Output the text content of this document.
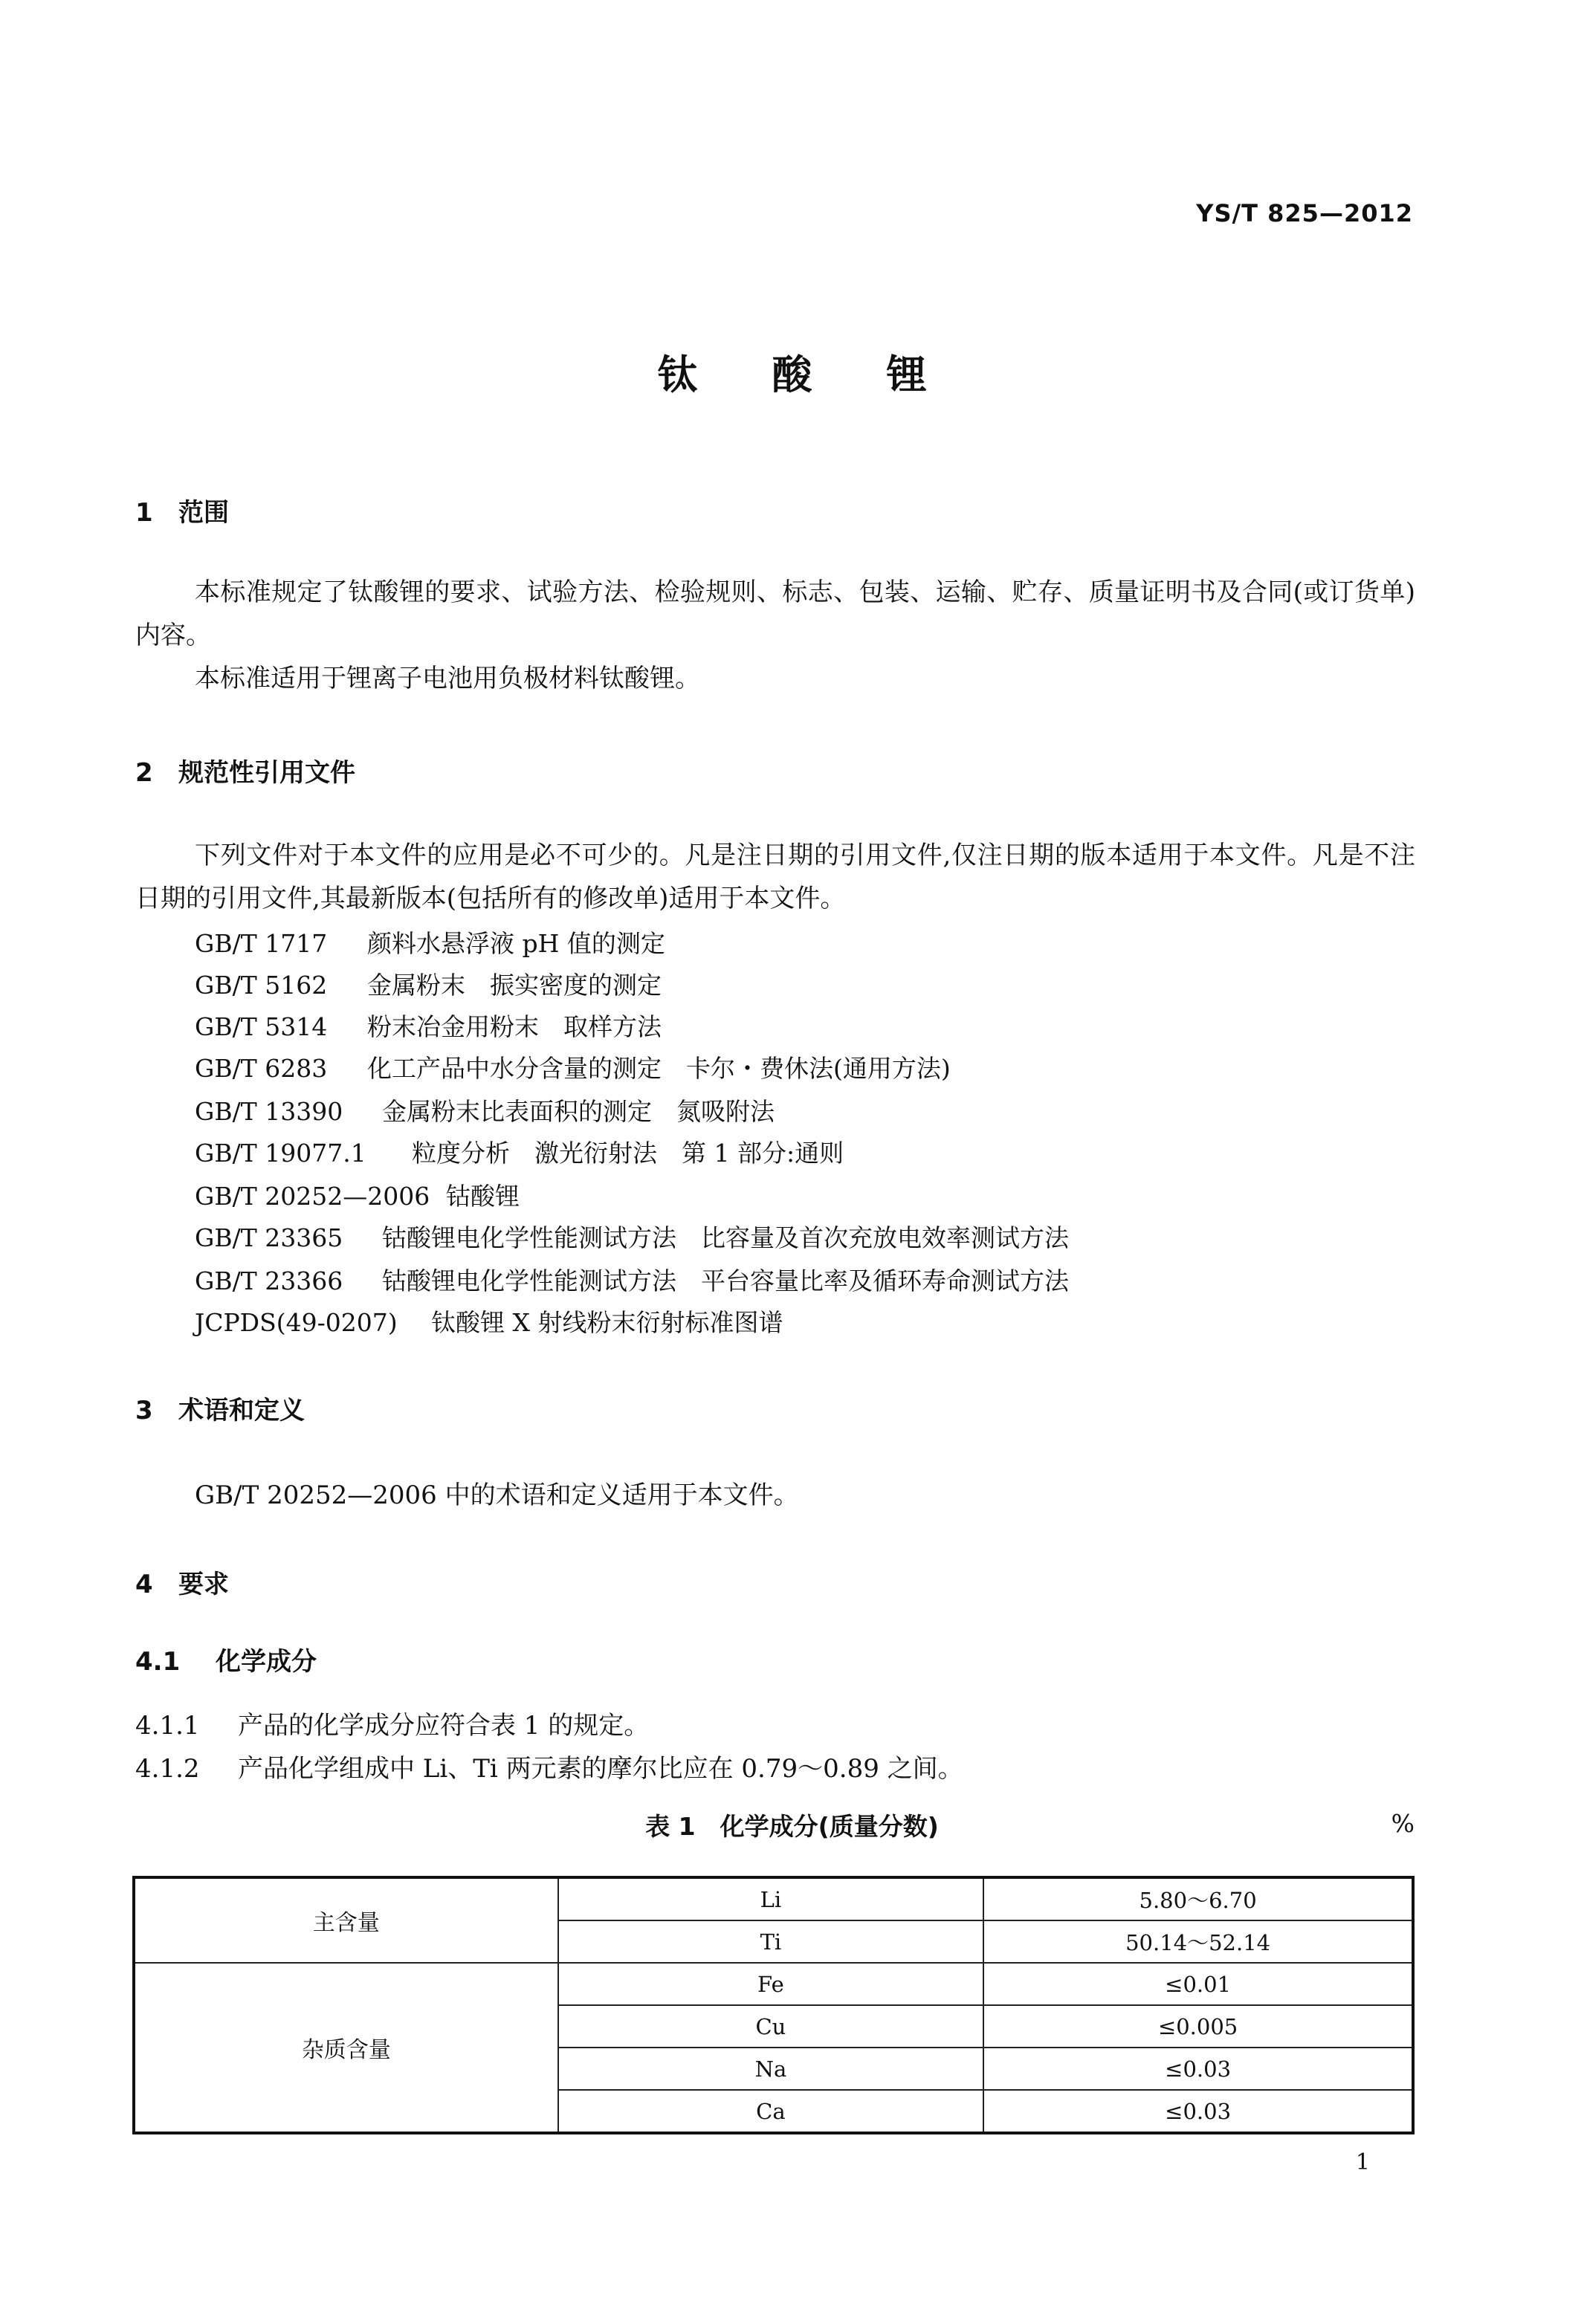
YS/T 825—2012
钛酸锂
1 范围
本标准规定了钛酸锂的要求、试验方法、检验规则、标志、包装、运输、贮存、质量证明书及合同(或订货单)内容。
本标准适用于锂离子电池用负极材料钛酸锂。
2 规范性引用文件
下列文件对于本文件的应用是必不可少的。凡是注日期的引用文件,仅注日期的版本适用于本文件。凡是不注日期的引用文件,其最新版本(包括所有的修改单)适用于本文件。
GB/T 1717 颜料水悬浮液 pH 值的测定
GB/T 5162 金属粉末　振实密度的测定
GB/T 5314 粉末冶金用粉末　取样方法
GB/T 6283 化工产品中水分含量的测定　卡尔・费休法(通用方法)
GB/T 13390 金属粉末比表面积的测定　氮吸附法
GB/T 19077.1 粒度分析　激光衍射法　第 1 部分:通则
GB/T 20252—2006 钴酸锂
GB/T 23365 钴酸锂电化学性能测试方法　比容量及首次充放电效率测试方法
GB/T 23366 钴酸锂电化学性能测试方法　平台容量比率及循环寿命测试方法
JCPDS(49-0207) 钛酸锂 X 射线粉末衍射标准图谱
3 术语和定义
GB/T 20252—2006 中的术语和定义适用于本文件。
4 要求
4.1 化学成分
4.1.1 产品的化学成分应符合表 1 的规定。
4.1.2 产品化学组成中 Li、Ti 两元素的摩尔比应在 0.79～0.89 之间。
表 1　化学成分(质量分数)	%
主含量	Li	5.80～6.70
	Ti	50.14～52.14
杂质含量	Fe	≤0.01
	Cu	≤0.005
	Na	≤0.03
	Ca	≤0.03
1
